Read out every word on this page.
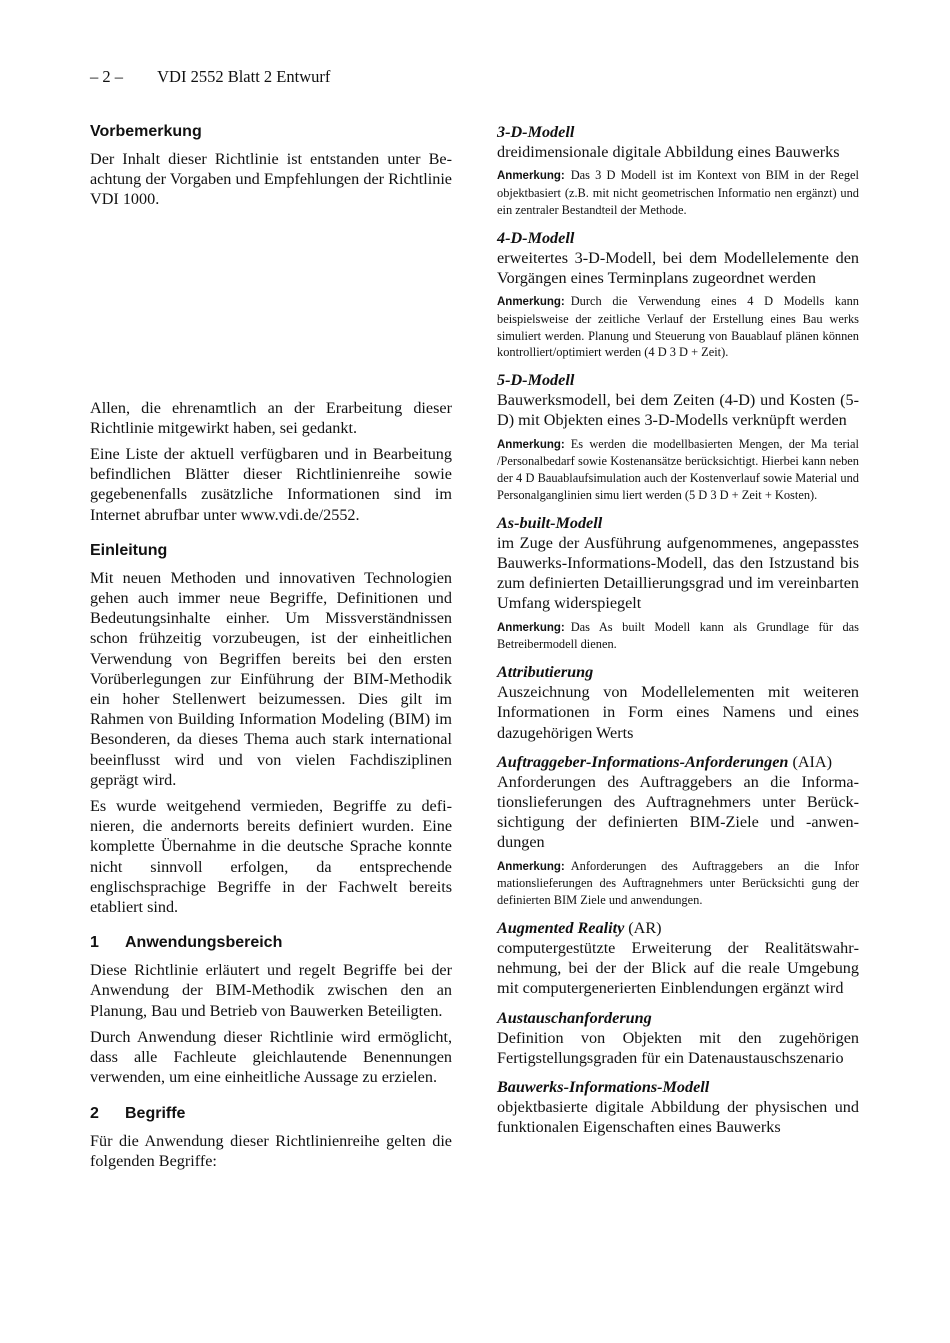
– 2 – VDI 2552 Blatt 2 Entwurf
Vorbemerkung

Der Inhalt dieser Richtlinie ist entstanden unter Beachtung der Vorgaben und Empfehlungen der Richtlinie VDI 1000.

Allen, die ehrenamtlich an der Erarbeitung dieser Richtlinie mitgewirkt haben, sei gedankt.

Eine Liste der aktuell verfügbaren und in Bearbeitung befindlichen Blätter dieser Richtlinienreihe sowie gegebenenfalls zusätzliche Informationen sind im Internet abrufbar unter www.vdi.de/2552.

Einleitung

Mit neuen Methoden und innovativen Technologien gehen auch immer neue Begriffe, Definitionen und Bedeutungsinhalte einher. Um Missverständnissen schon frühzeitig vorzubeugen, ist der einheitlichen Verwendung von Begriffen bereits bei den ersten Vorüberlegungen zur Einführung der BIM-Methodik ein hoher Stellenwert beizumessen. Dies gilt im Rahmen von Building Information Modeling (BIM) im Besonderen, da dieses Thema auch stark international beeinflusst wird und von vielen Fachdisziplinen geprägt wird.

Es wurde weitgehend vermieden, Begriffe zu definieren, die andernorts bereits definiert wurden. Eine komplette Übernahme in die deutsche Sprache konnte nicht sinnvoll erfolgen, da entsprechende englischsprachige Begriffe in der Fachwelt bereits etabliert sind.

1 Anwendungsbereich

Diese Richtlinie erläutert und regelt Begriffe bei der Anwendung der BIM-Methodik zwischen den an Planung, Bau und Betrieb von Bauwerken Beteiligten.

Durch Anwendung dieser Richtlinie wird ermöglicht, dass alle Fachleute gleichlautende Benennungen verwenden, um eine einheitliche Aussage zu erzielen.

2 Begriffe

Für die Anwendung dieser Richtlinienreihe gelten die folgenden Begriffe:

3-D-Modell
dreidimensionale digitale Abbildung eines Bauwerks
Anmerkung: Das 3 D Modell ist im Kontext von BIM in der Regel objektbasiert (z.B. mit nicht geometrischen Informatio nen ergänzt) und ein zentraler Bestandteil der Methode.
4-D-Modell
erweitertes 3-D-Modell, bei dem Modellelemente den Vorgängen eines Terminplans zugeordnet werden
Anmerkung: Durch die Verwendung eines 4 D Modells kann beispielsweise der zeitliche Verlauf der Erstellung eines Bau werks simuliert werden. Planung und Steuerung von Bauablauf plänen können kontrolliert/optimiert werden (4 D 3 D + Zeit).
5-D-Modell
Bauwerksmodell, bei dem Zeiten (4-D) und Kosten (5-D) mit Objekten eines 3-D-Modells verknüpft werden
Anmerkung: Es werden die modellbasierten Mengen, der Ma terial /Personalbedarf sowie Kostenansätze berücksichtigt. Hierbei kann neben der 4 D Bauablaufsimulation auch der Kostenverlauf sowie Material und Personalganglinien simu liert werden (5 D 3 D + Zeit + Kosten).
As-built-Modell
im Zuge der Ausführung aufgenommenes, angepasstes Bauwerks-Informations-Modell, das den Istzustand bis zum definierten Detaillierungsgrad und im vereinbarten Umfang widerspiegelt
Anmerkung: Das As built Modell kann als Grundlage für das Betreibermodell dienen.
Attributierung
Auszeichnung von Modellelementen mit weiteren Informationen in Form eines Namens und eines dazugehörigen Werts
Auftraggeber-Informations-Anforderungen (AIA)
Anforderungen des Auftraggebers an die Informationslieferungen des Auftragnehmers unter Berücksichtigung der definierten BIM-Ziele und -anwendungen
Anmerkung: Anforderungen des Auftraggebers an die Infor mationslieferungen des Auftragnehmers unter Berücksichti gung der definierten BIM Ziele und anwendungen.
Augmented Reality (AR)
computergestützte Erweiterung der Realitätswahrnehmung, bei der der Blick auf die reale Umgebung mit computergenerierten Einblendungen ergänzt wird
Austauschanforderung
Definition von Objekten mit den zugehörigen Fertigstellungsgraden für ein Datenaustauschszenario
Bauwerks-Informations-Modell
objektbasierte digitale Abbildung der physischen und funktionalen Eigenschaften eines Bauwerks
